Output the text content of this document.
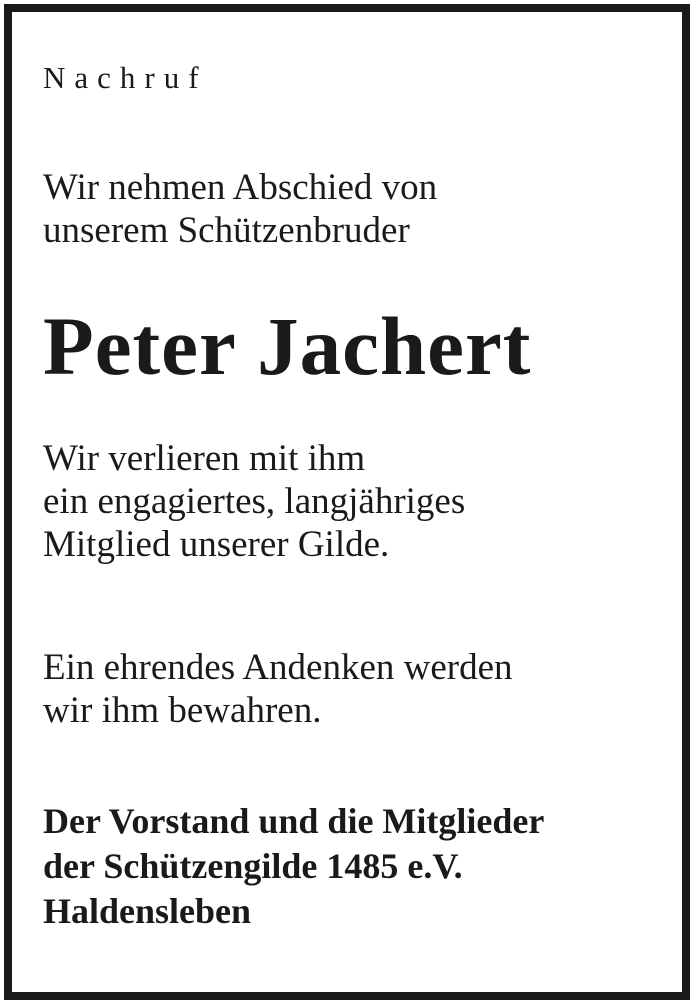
Nachruf
Wir nehmen Abschied von
unserem Schützenbruder
Peter Jachert
Wir verlieren mit ihm
ein engagiertes, langjähriges
Mitglied unserer Gilde.
Ein ehrendes Andenken werden
wir ihm bewahren.
Der Vorstand und die Mitglieder
der Schützengilde 1485 e.V.
Haldensleben
